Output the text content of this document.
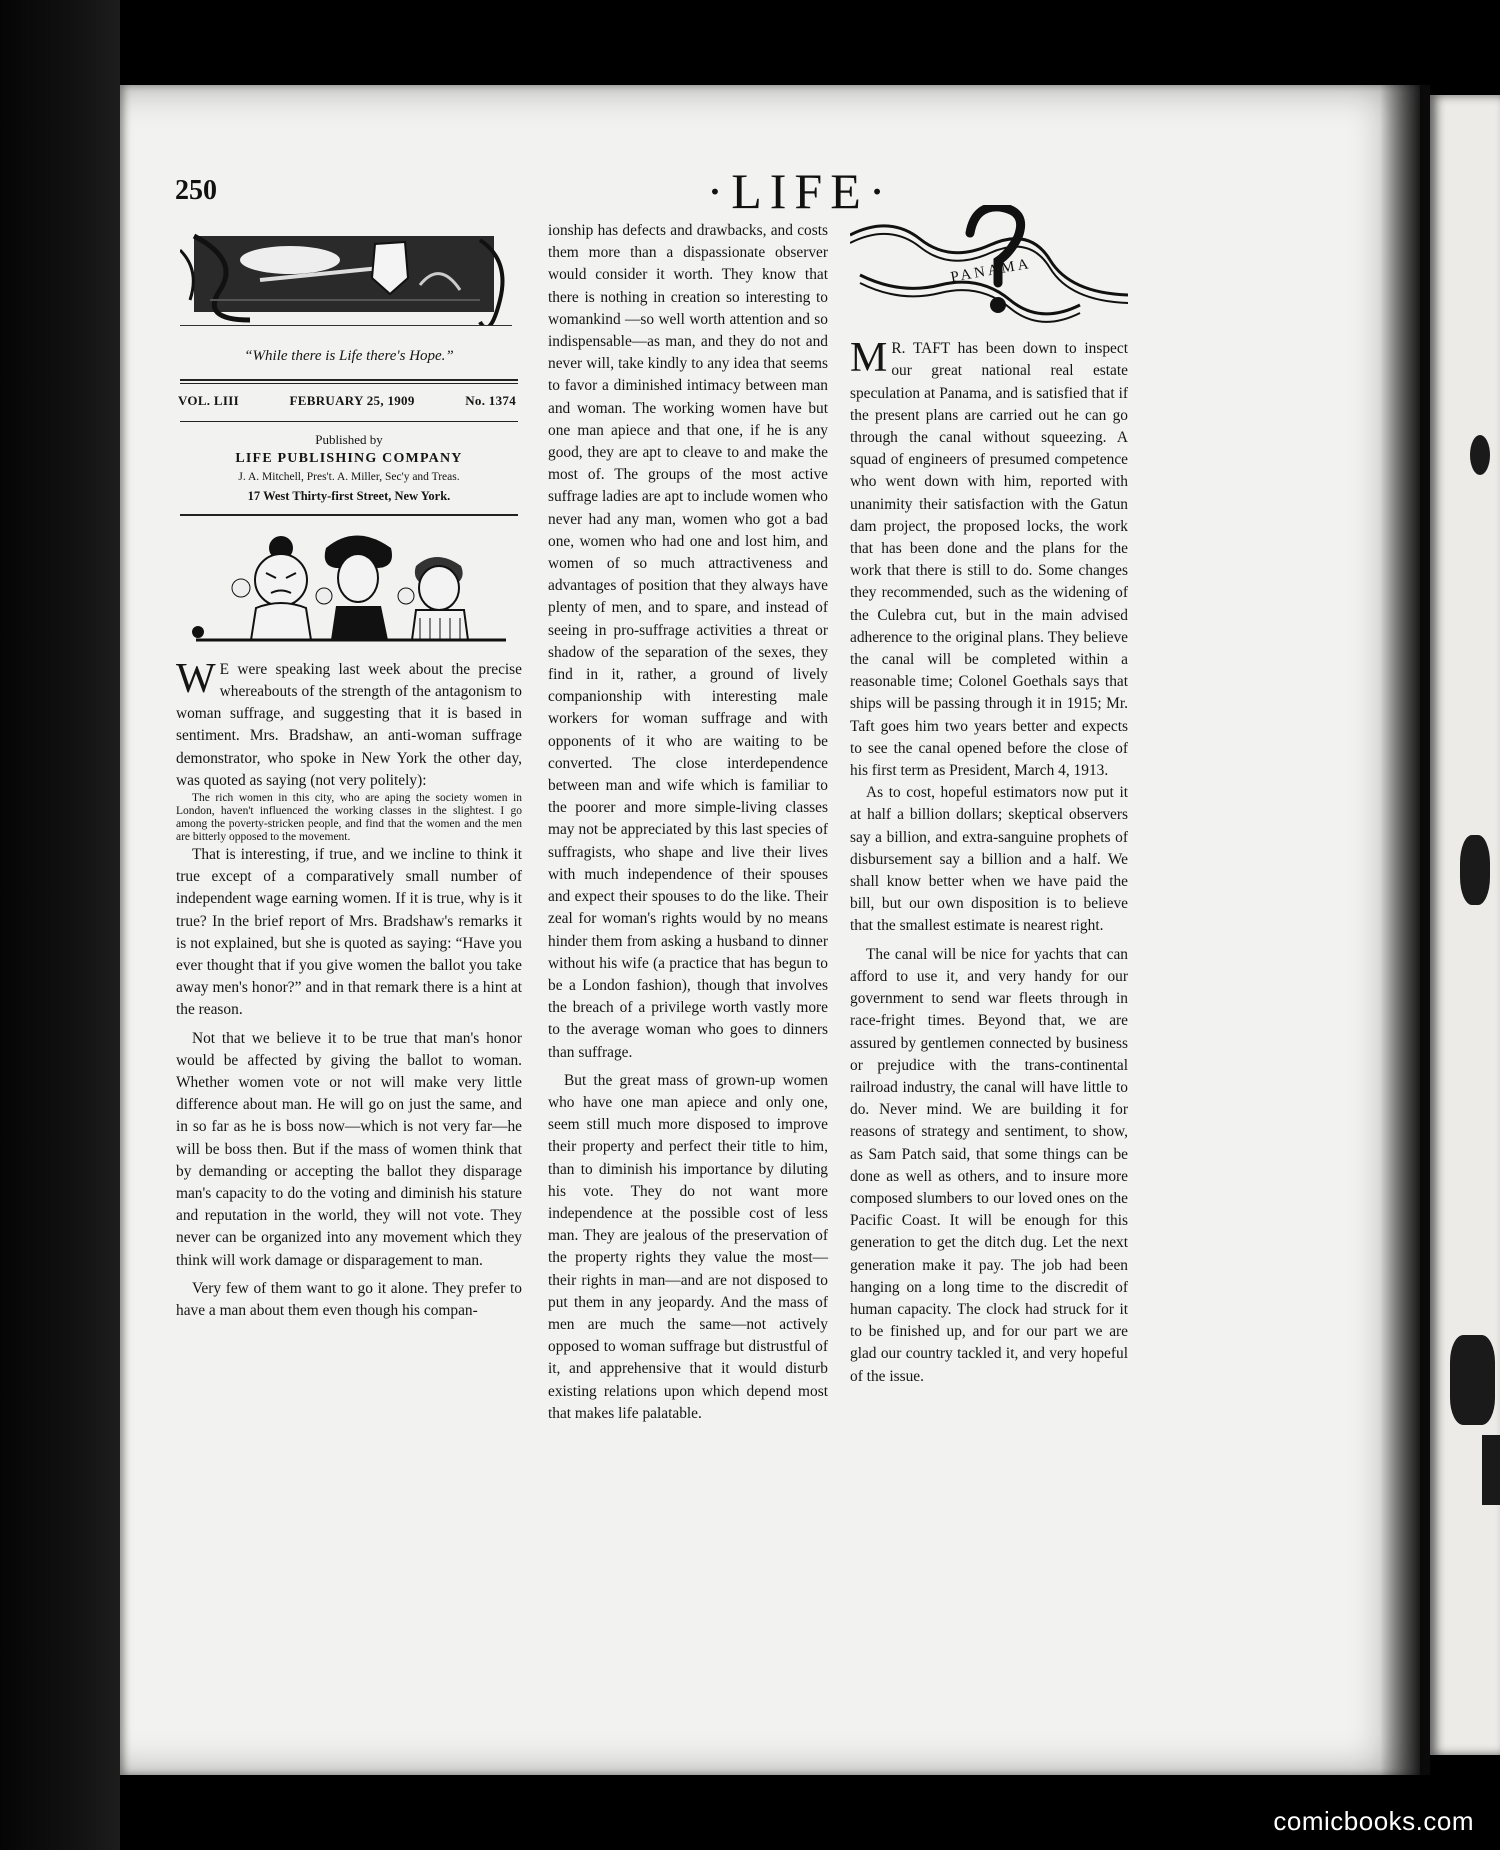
250	·LIFE·
“While there is Life there's Hope.”
VOL. LIII	FEBRUARY 25, 1909	No. 1374
Published by
LIFE PUBLISHING COMPANY
J. A. Mitchell, Pres't. A. Miller, Sec'y and Treas.
17 West Thirty-first Street, New York.

W E were speaking last week about the precise whereabouts of the strength of the antagonism to woman suffrage, and suggesting that it is based in sentiment. Mrs. Bradshaw, an anti-woman suffrage demonstrator, who spoke in New York the other day, was quoted as saying (not very politely):

The rich women in this city, who are aping the society women in London, haven't influenced the working classes in the slightest. I go among the poverty-stricken people, and find that the women and the men are bitterly opposed to the movement.

That is interesting, if true, and we incline to think it true except of a comparatively small number of independent wage earning women. If it is true, why is it true? In the brief report of Mrs. Bradshaw's remarks it is not explained, but she is quoted as saying: “Have you ever thought that if you give women the ballot you take away men's honor?” and in that remark there is a hint at the reason.

Not that we believe it to be true that man's honor would be affected by giving the ballot to woman. Whether women vote or not will make very little difference about man. He will go on just the same, and in so far as he is boss now—which is not very far—he will be boss then. But if the mass of women think that by demanding or accepting the ballot they disparage man's capacity to do the voting and diminish his stature and reputation in the world, they will not vote. They never can be organized into any movement which they think will work damage or disparagement to man.

Very few of them want to go it alone. They prefer to have a man about them even though his compan-

ionship has defects and drawbacks, and costs them more than a dispassionate observer would consider it worth. They know that there is nothing in creation so interesting to womankind —so well worth attention and so indispensable—as man, and they do not and never will, take kindly to any idea that seems to favor a diminished intimacy between man and woman. The working women have but one man apiece and that one, if he is any good, they are apt to cleave to and make the most of. The groups of the most active suffrage ladies are apt to include women who never had any man, women who got a bad one, women who had one and lost him, and women of so much attractiveness and advantages of position that they always have plenty of men, and to spare, and instead of seeing in pro-suffrage activities a threat or shadow of the separation of the sexes, they find in it, rather, a ground of lively companionship with interesting male workers for woman suffrage and with opponents of it who are waiting to be converted. The close interdependence between man and wife which is familiar to the poorer and more simple-living classes may not be appreciated by this last species of suffragists, who shape and live their lives with much independence of their spouses and expect their spouses to do the like. Their zeal for woman's rights would by no means hinder them from asking a husband to dinner without his wife (a practice that has begun to be a London fashion), though that involves the breach of a privilege worth vastly more to the average woman who goes to dinners than suffrage.

But the great mass of grown-up women who have one man apiece and only one, seem still much more disposed to improve their property and perfect their title to him, than to diminish his importance by diluting his vote. They do not want more independence at the possible cost of less man. They are jealous of the preservation of the property rights they value the most—their rights in man—and are not disposed to put them in any jeopardy. And the mass of men are much the same—not actively opposed to woman suffrage but distrustful of it, and apprehensive that it would disturb existing relations upon which depend most that makes life palatable.

PANAMA

M R. TAFT has been down to inspect our great national real estate speculation at Panama, and is satisfied that if the present plans are carried out he can go through the canal without squeezing. A squad of engineers of presumed competence who went down with him, reported with unanimity their satisfaction with the Gatun dam project, the proposed locks, the work that has been done and the plans for the work that there is still to do. Some changes they recommended, such as the widening of the Culebra cut, but in the main advised adherence to the original plans. They believe the canal will be completed within a reasonable time; Colonel Goethals says that ships will be passing through it in 1915; Mr. Taft goes him two years better and expects to see the canal opened before the close of his first term as President, March 4, 1913.

As to cost, hopeful estimators now put it at half a billion dollars; skeptical observers say a billion, and extra-sanguine prophets of disbursement say a billion and a half. We shall know better when we have paid the bill, but our own disposition is to believe that the smallest estimate is nearest right.

The canal will be nice for yachts that can afford to use it, and very handy for our government to send war fleets through in race-fright times. Beyond that, we are assured by gentlemen connected by business or prejudice with the trans-continental railroad industry, the canal will have little to do. Never mind. We are building it for reasons of strategy and sentiment, to show, as Sam Patch said, that some things can be done as well as others, and to insure more composed slumbers to our loved ones on the Pacific Coast. It will be enough for this generation to get the ditch dug. Let the next generation make it pay. The job had been hanging on a long time to the discredit of human capacity. The clock had struck for it to be finished up, and for our part we are glad our country tackled it, and very hopeful of the issue.

comicbooks.com
